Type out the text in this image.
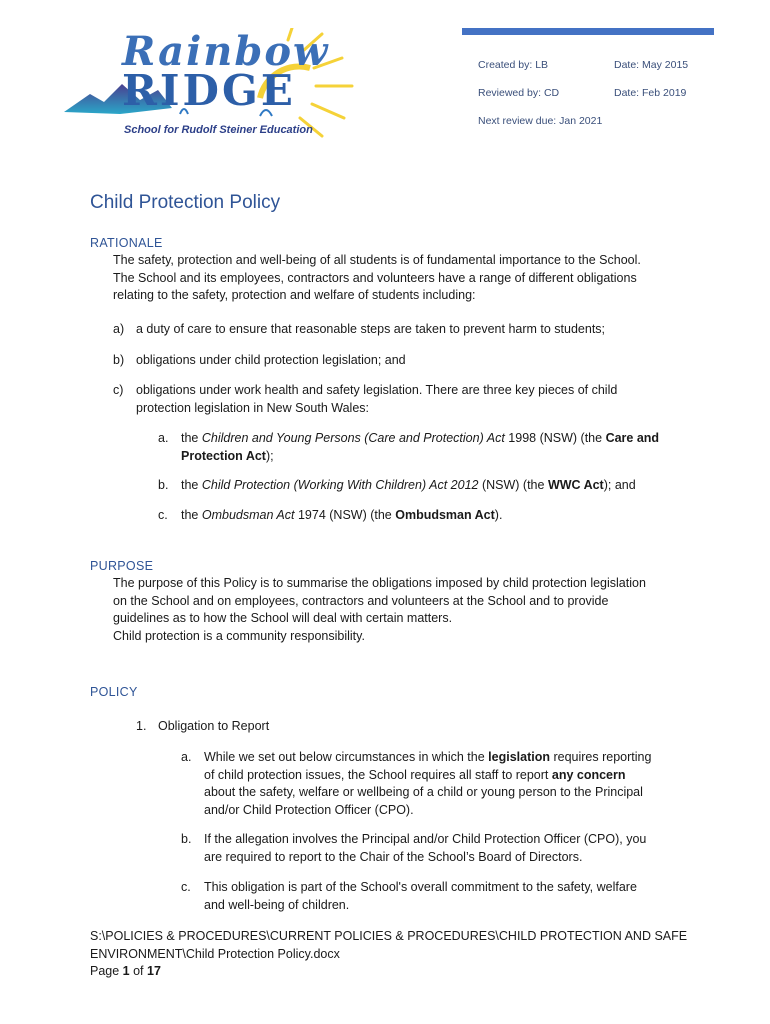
Rainbow
RIDGE
School for Rudolf Steiner Education
Created by: LB	Date: May 2015
Reviewed by: CD	Date: Feb 2019
Next review due: Jan 2021
Child Protection Policy
RATIONALE
The safety, protection and well-being of all students is of fundamental importance to the School.
The School and its employees, contractors and volunteers have a range of different obligations
relating to the safety, protection and welfare of students including:
a) a duty of care to ensure that reasonable steps are taken to prevent harm to students;
b) obligations under child protection legislation; and
c) obligations under work health and safety legislation. There are three key pieces of child
protection legislation in New South Wales:
a. the Children and Young Persons (Care and Protection) Act 1998 (NSW) (the Care and
Protection Act);
b. the Child Protection (Working With Children) Act 2012 (NSW) (the WWC Act); and
c. the Ombudsman Act 1974 (NSW) (the Ombudsman Act).
PURPOSE
The purpose of this Policy is to summarise the obligations imposed by child protection legislation
on the School and on employees, contractors and volunteers at the School and to provide
guidelines as to how the School will deal with certain matters.
Child protection is a community responsibility.
POLICY
1. Obligation to Report
a. While we set out below circumstances in which the legislation requires reporting
of child protection issues, the School requires all staff to report any concern
about the safety, welfare or wellbeing of a child or young person to the Principal
and/or Child Protection Officer (CPO).
b. If the allegation involves the Principal and/or Child Protection Officer (CPO), you
are required to report to the Chair of the School’s Board of Directors.
c. This obligation is part of the School's overall commitment to the safety, welfare
and well-being of children.
S:\POLICIES & PROCEDURES\CURRENT POLICIES & PROCEDURES\CHILD PROTECTION AND SAFE
ENVIRONMENT\Child Protection Policy.docx
Page 1 of 17
